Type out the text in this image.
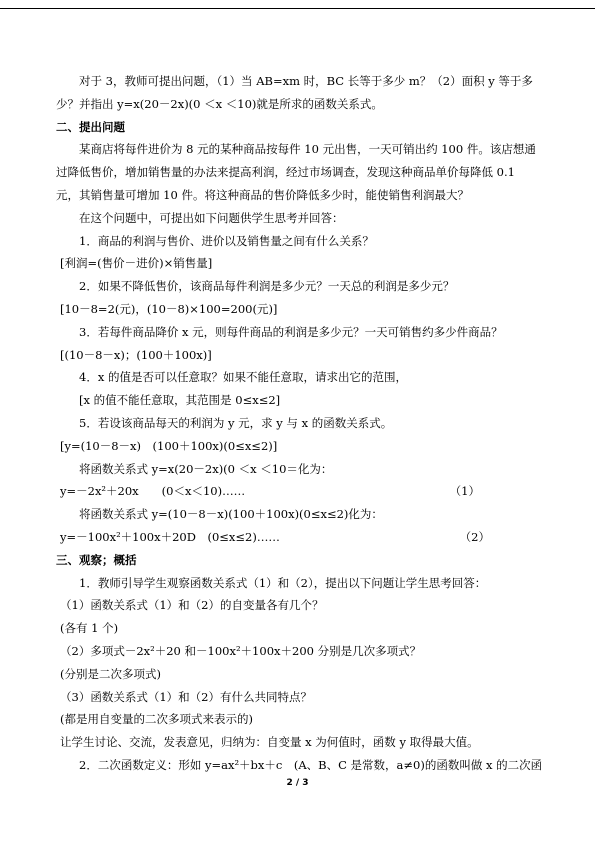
对于 3，教师可提出问题，（1）当 AB=xm 时，BC 长等于多少 m？（2）面积 y 等于多
少？并指出 y=x(20－2x)(0 ＜x ＜10)就是所求的函数关系式。
二、提出问题
某商店将每件进价为 8 元的某种商品按每件 10 元出售，一天可销出约 100 件。该店想通
过降低售价，增加销售量的办法来提高利润，经过市场调查，发现这种商品单价每降低 0.1
元，其销售量可增加 10 件。将这种商品的售价降低多少时，能使销售利润最大？
在这个问题中，可提出如下问题供学生思考并回答：
1．商品的利润与售价、进价以及销售量之间有什么关系？
[利润=(售价－进价)×销售量]
2．如果不降低售价，该商品每件利润是多少元？一天总的利润是多少元？
[10－8=2(元)，(10－8)×100=200(元)]
3．若每件商品降价 x 元，则每件商品的利润是多少元？一天可销售约多少件商品？
[(10－8－x)；(100＋100x)]
4．x 的值是否可以任意取？如果不能任意取，请求出它的范围，
[x 的值不能任意取，其范围是 0≤x≤2]
5．若设该商品每天的利润为 y 元，求 y 与 x 的函数关系式。
[y=(10－8－x)　(100＋100x)(0≤x≤2)]
将函数关系式 y=x(20－2x)(0 ＜x ＜10＝化为：
y=－2x²＋20x　　(0＜x＜10)……	（1）
将函数关系式 y=(10－8－x)(100＋100x)(0≤x≤2)化为：
y=－100x²＋100x＋20D　(0≤x≤2)……	（2）
三、观察；概括
1．教师引导学生观察函数关系式（1）和（2），提出以下问题让学生思考回答：
（1）函数关系式（1）和（2）的自变量各有几个？
(各有 1 个)
（2）多项式－2x²＋20 和－100x²＋100x＋200 分别是几次多项式？
(分别是二次多项式)
（3）函数关系式（1）和（2）有什么共同特点？
(都是用自变量的二次多项式来表示的)
让学生讨论、交流，发表意见，归纳为：自变量 x 为何值时，函数 y 取得最大值。
2．二次函数定义：形如 y=ax²＋bx＋c　(A、B、C 是常数，a≠0)的函数叫做 x 的二次函
2 / 3
